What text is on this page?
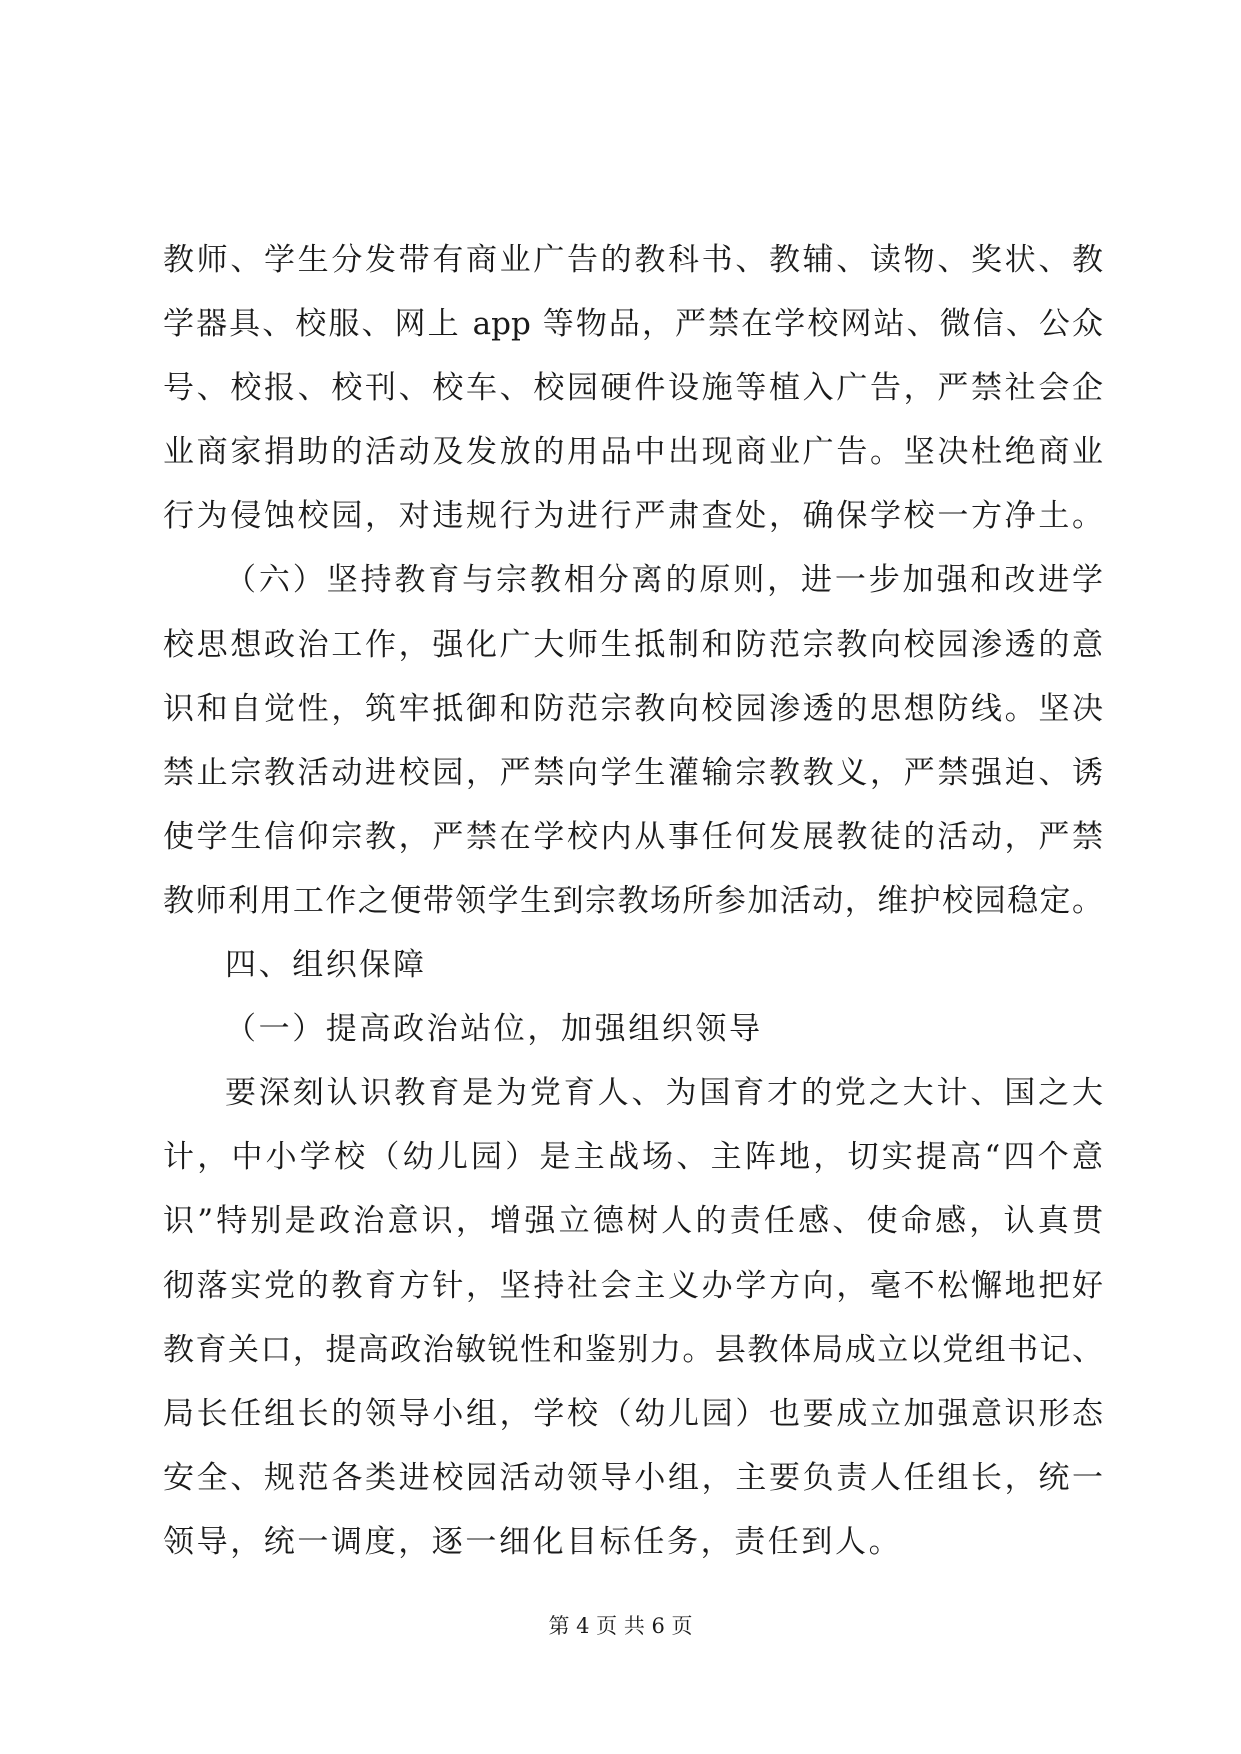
教师、学生分发带有商业广告的教科书、教辅、读物、奖状、教
学器具、校服、网上 app 等物品，严禁在学校网站、微信、公众
号、校报、校刊、校车、校园硬件设施等植入广告，严禁社会企
业商家捐助的活动及发放的用品中出现商业广告。坚决杜绝商业
行为侵蚀校园，对违规行为进行严肃查处，确保学校一方净土。
（六）坚持教育与宗教相分离的原则，进一步加强和改进学
校思想政治工作，强化广大师生抵制和防范宗教向校园渗透的意
识和自觉性，筑牢抵御和防范宗教向校园渗透的思想防线。坚决
禁止宗教活动进校园，严禁向学生灌输宗教教义，严禁强迫、诱
使学生信仰宗教，严禁在学校内从事任何发展教徒的活动，严禁
教师利用工作之便带领学生到宗教场所参加活动，维护校园稳定。
四、组织保障
（一）提高政治站位，加强组织领导
要深刻认识教育是为党育人、为国育才的党之大计、国之大
计，中小学校（幼儿园）是主战场、主阵地，切实提高“四个意
识”特别是政治意识，增强立德树人的责任感、使命感，认真贯
彻落实党的教育方针，坚持社会主义办学方向，毫不松懈地把好
教育关口，提高政治敏锐性和鉴别力。县教体局成立以党组书记、
局长任组长的领导小组，学校（幼儿园）也要成立加强意识形态
安全、规范各类进校园活动领导小组，主要负责人任组长，统一
领导，统一调度，逐一细化目标任务，责任到人。
第 4 页 共 6 页
